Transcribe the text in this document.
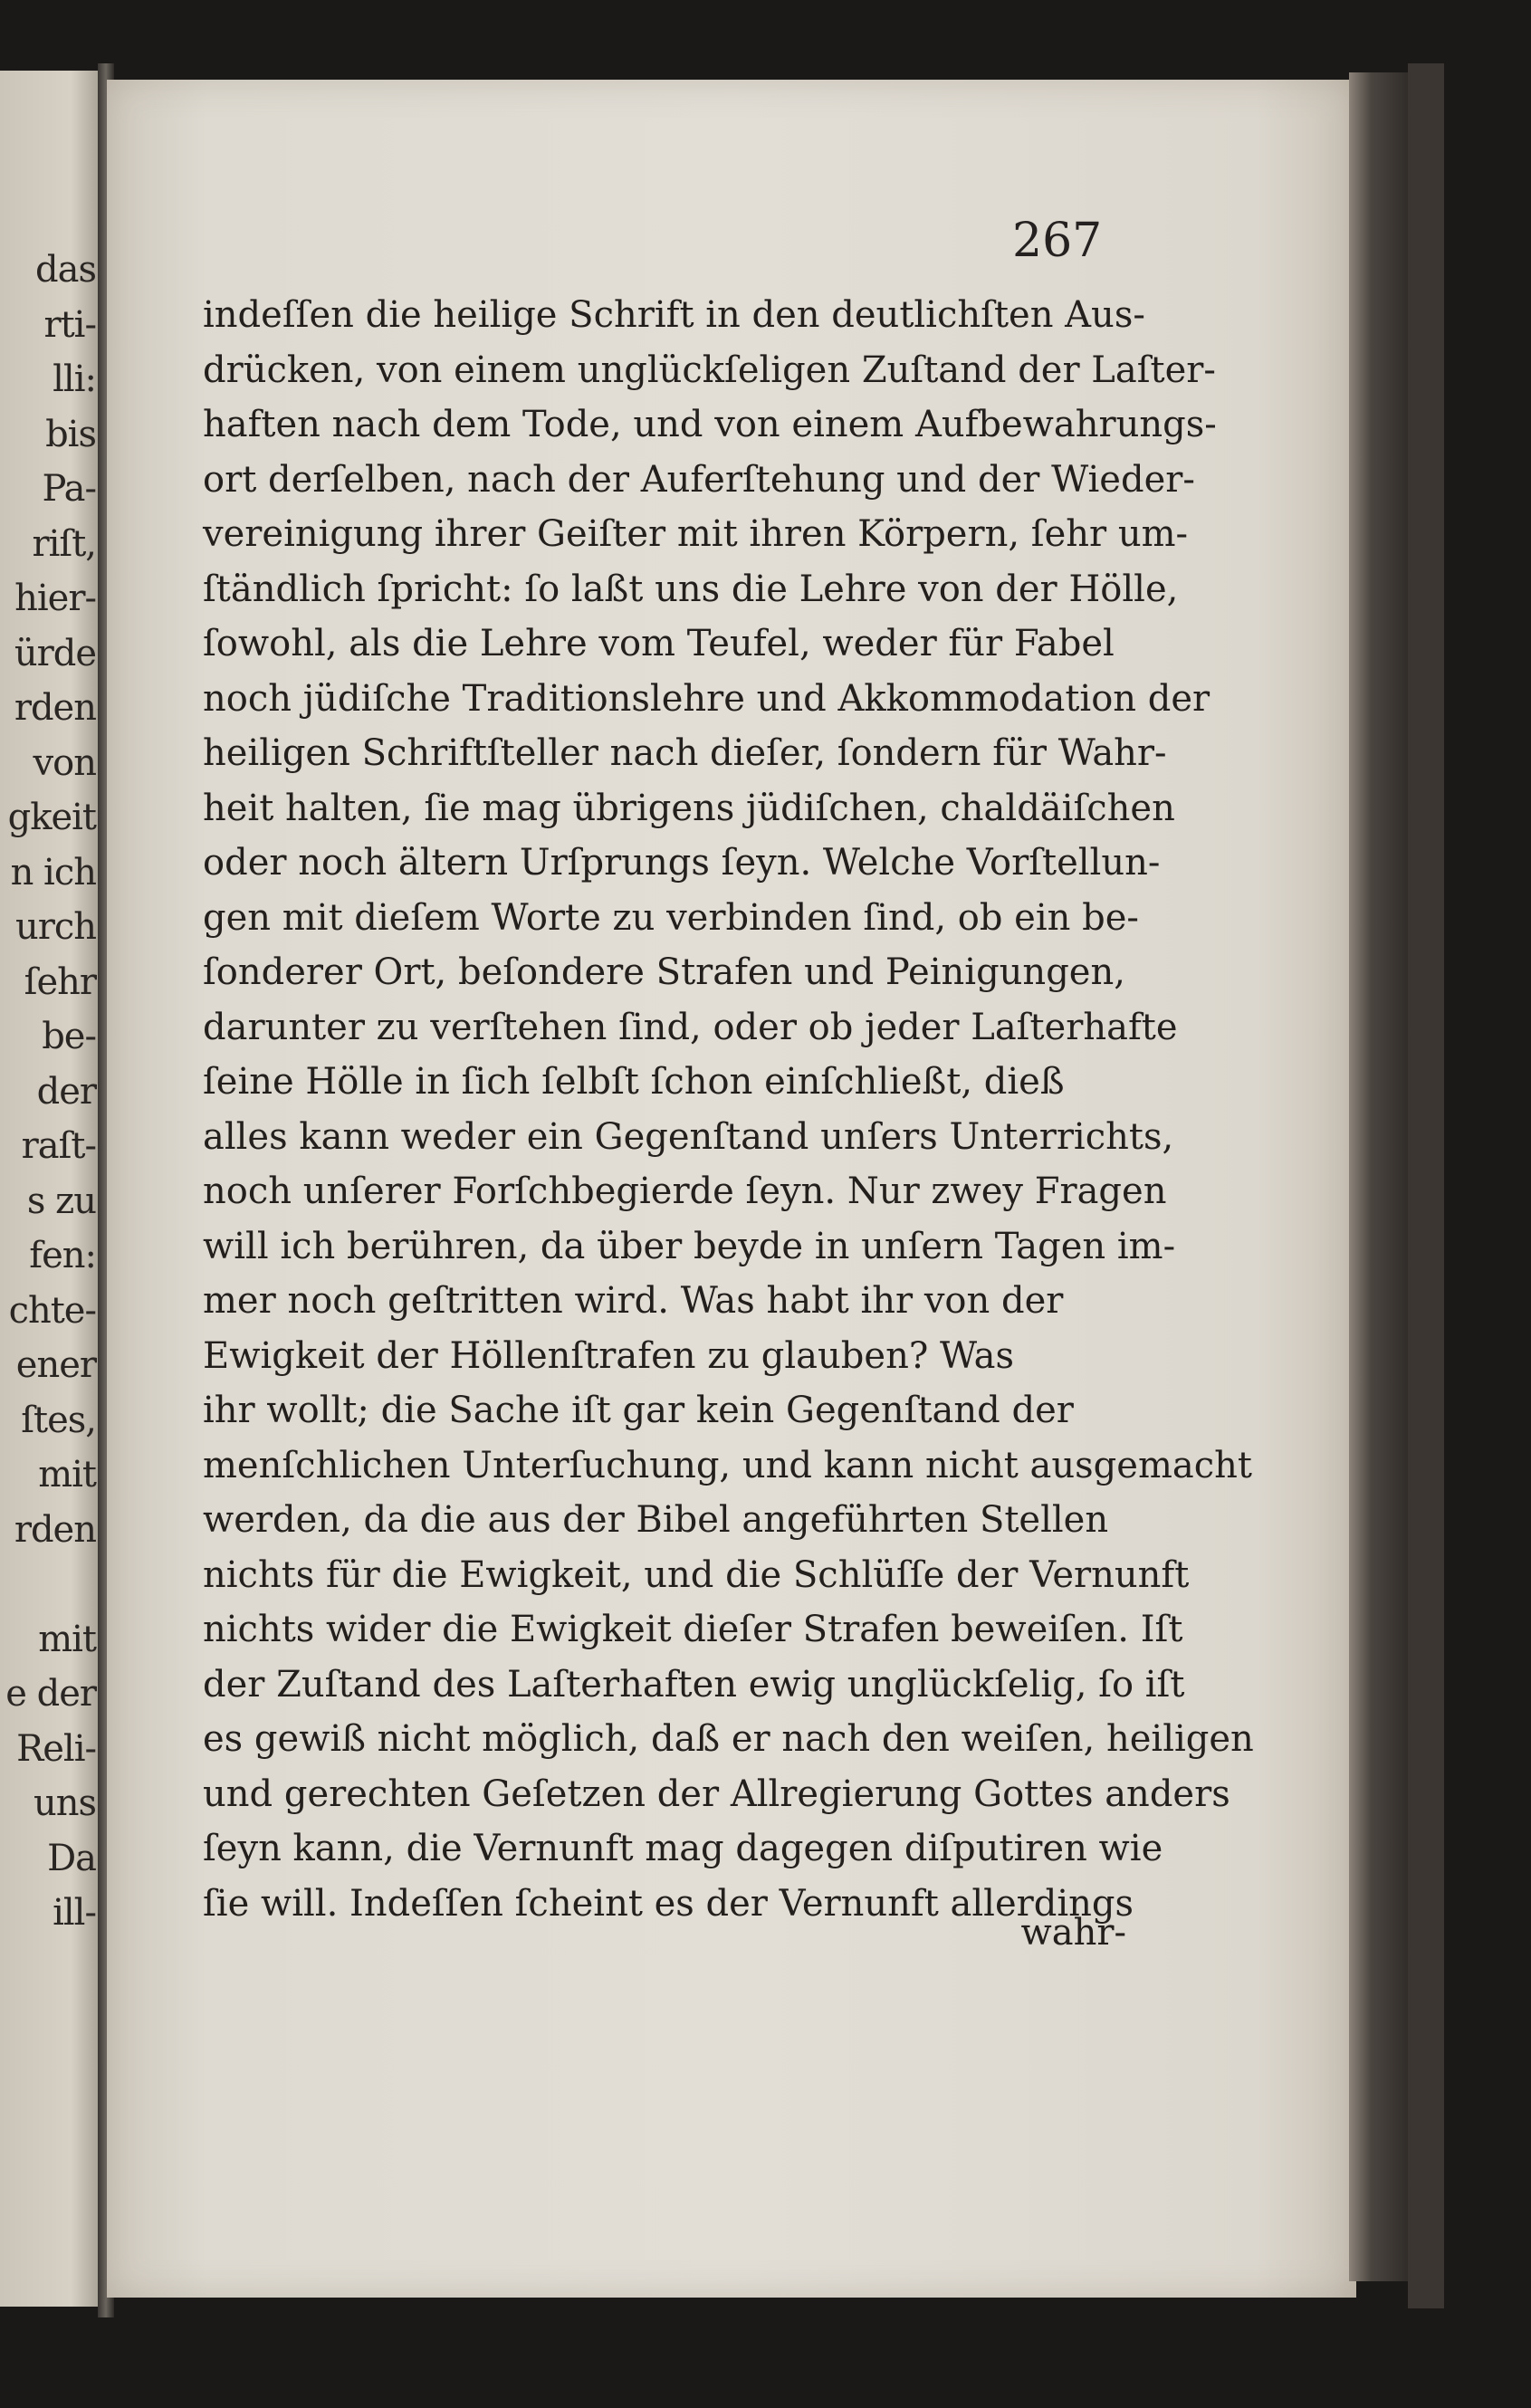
das
rti-
lli:
bis
Pa-
riſt,
hier-
ürde
rden
von
gkeit
n ich
urch
ſehr
be-
der
raſt-
s zu
fen:
chte-
ener
ſtes,
mit
rden
mit
e der
Reli-
uns
Da
ill-
267
indeſſen die heilige Schrift in den deutlichſten Aus-
drücken, von einem unglückſeligen Zuſtand der Laſter-
haften nach dem Tode, und von einem Aufbewahrungs-
ort derſelben, nach der Auferſtehung und der Wieder-
vereinigung ihrer Geiſter mit ihren Körpern, ſehr um-
ſtändlich ſpricht: ſo laßt uns die Lehre von der Hölle,
ſowohl, als die Lehre vom Teufel, weder für Fabel
noch jüdiſche Traditionslehre und Akkommodation der
heiligen Schriftſteller nach dieſer, ſondern für Wahr-
heit halten, ſie mag übrigens jüdiſchen, chaldäiſchen
oder noch ältern Urſprungs ſeyn. Welche Vorſtellun-
gen mit dieſem Worte zu verbinden ſind, ob ein be-
ſonderer Ort, beſondere Strafen und Peinigungen,
darunter zu verſtehen ſind, oder ob jeder Laſterhafte
ſeine Hölle in ſich ſelbſt ſchon einſchließt, dieß
alles kann weder ein Gegenſtand unſers Unterrichts,
noch unſerer Forſchbegierde ſeyn. Nur zwey Fragen
will ich berühren, da über beyde in unſern Tagen im-
mer noch geſtritten wird. Was habt ihr von der
Ewigkeit der Höllenſtrafen zu glauben? Was
ihr wollt; die Sache iſt gar kein Gegenſtand der
menſchlichen Unterſuchung, und kann nicht ausgemacht
werden, da die aus der Bibel angeführten Stellen
nichts für die Ewigkeit, und die Schlüſſe der Vernunft
nichts wider die Ewigkeit dieſer Strafen beweiſen. Iſt
der Zuſtand des Laſterhaften ewig unglückſelig, ſo iſt
es gewiß nicht möglich, daß er nach den weiſen, heiligen
und gerechten Geſetzen der Allregierung Gottes anders
ſeyn kann, die Vernunft mag dagegen diſputiren wie
ſie will. Indeſſen ſcheint es der Vernunft allerdings
wahr-
